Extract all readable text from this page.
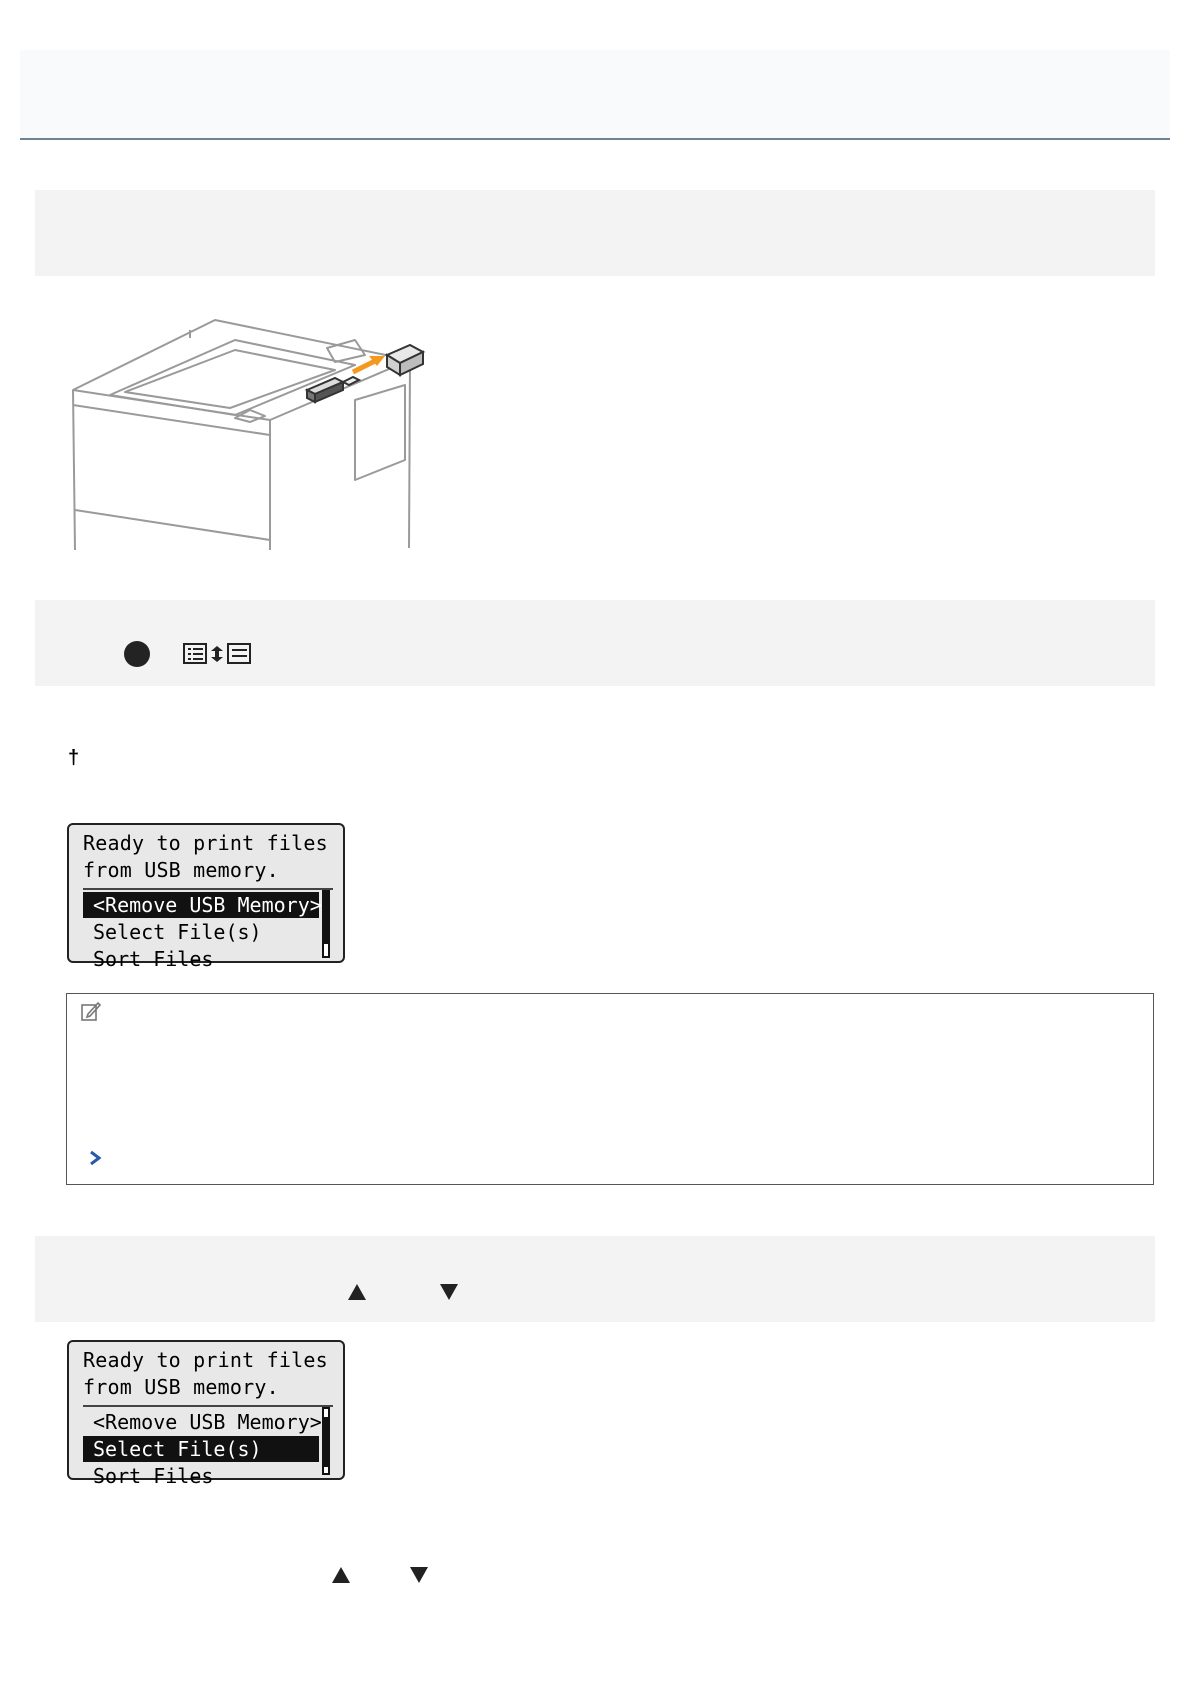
†
Ready to print files
from USB memory.
<Remove USB Memory>
Select File(s)
Sort Files
Ready to print files
from USB memory.
<Remove USB Memory>
Select File(s)
Sort Files
